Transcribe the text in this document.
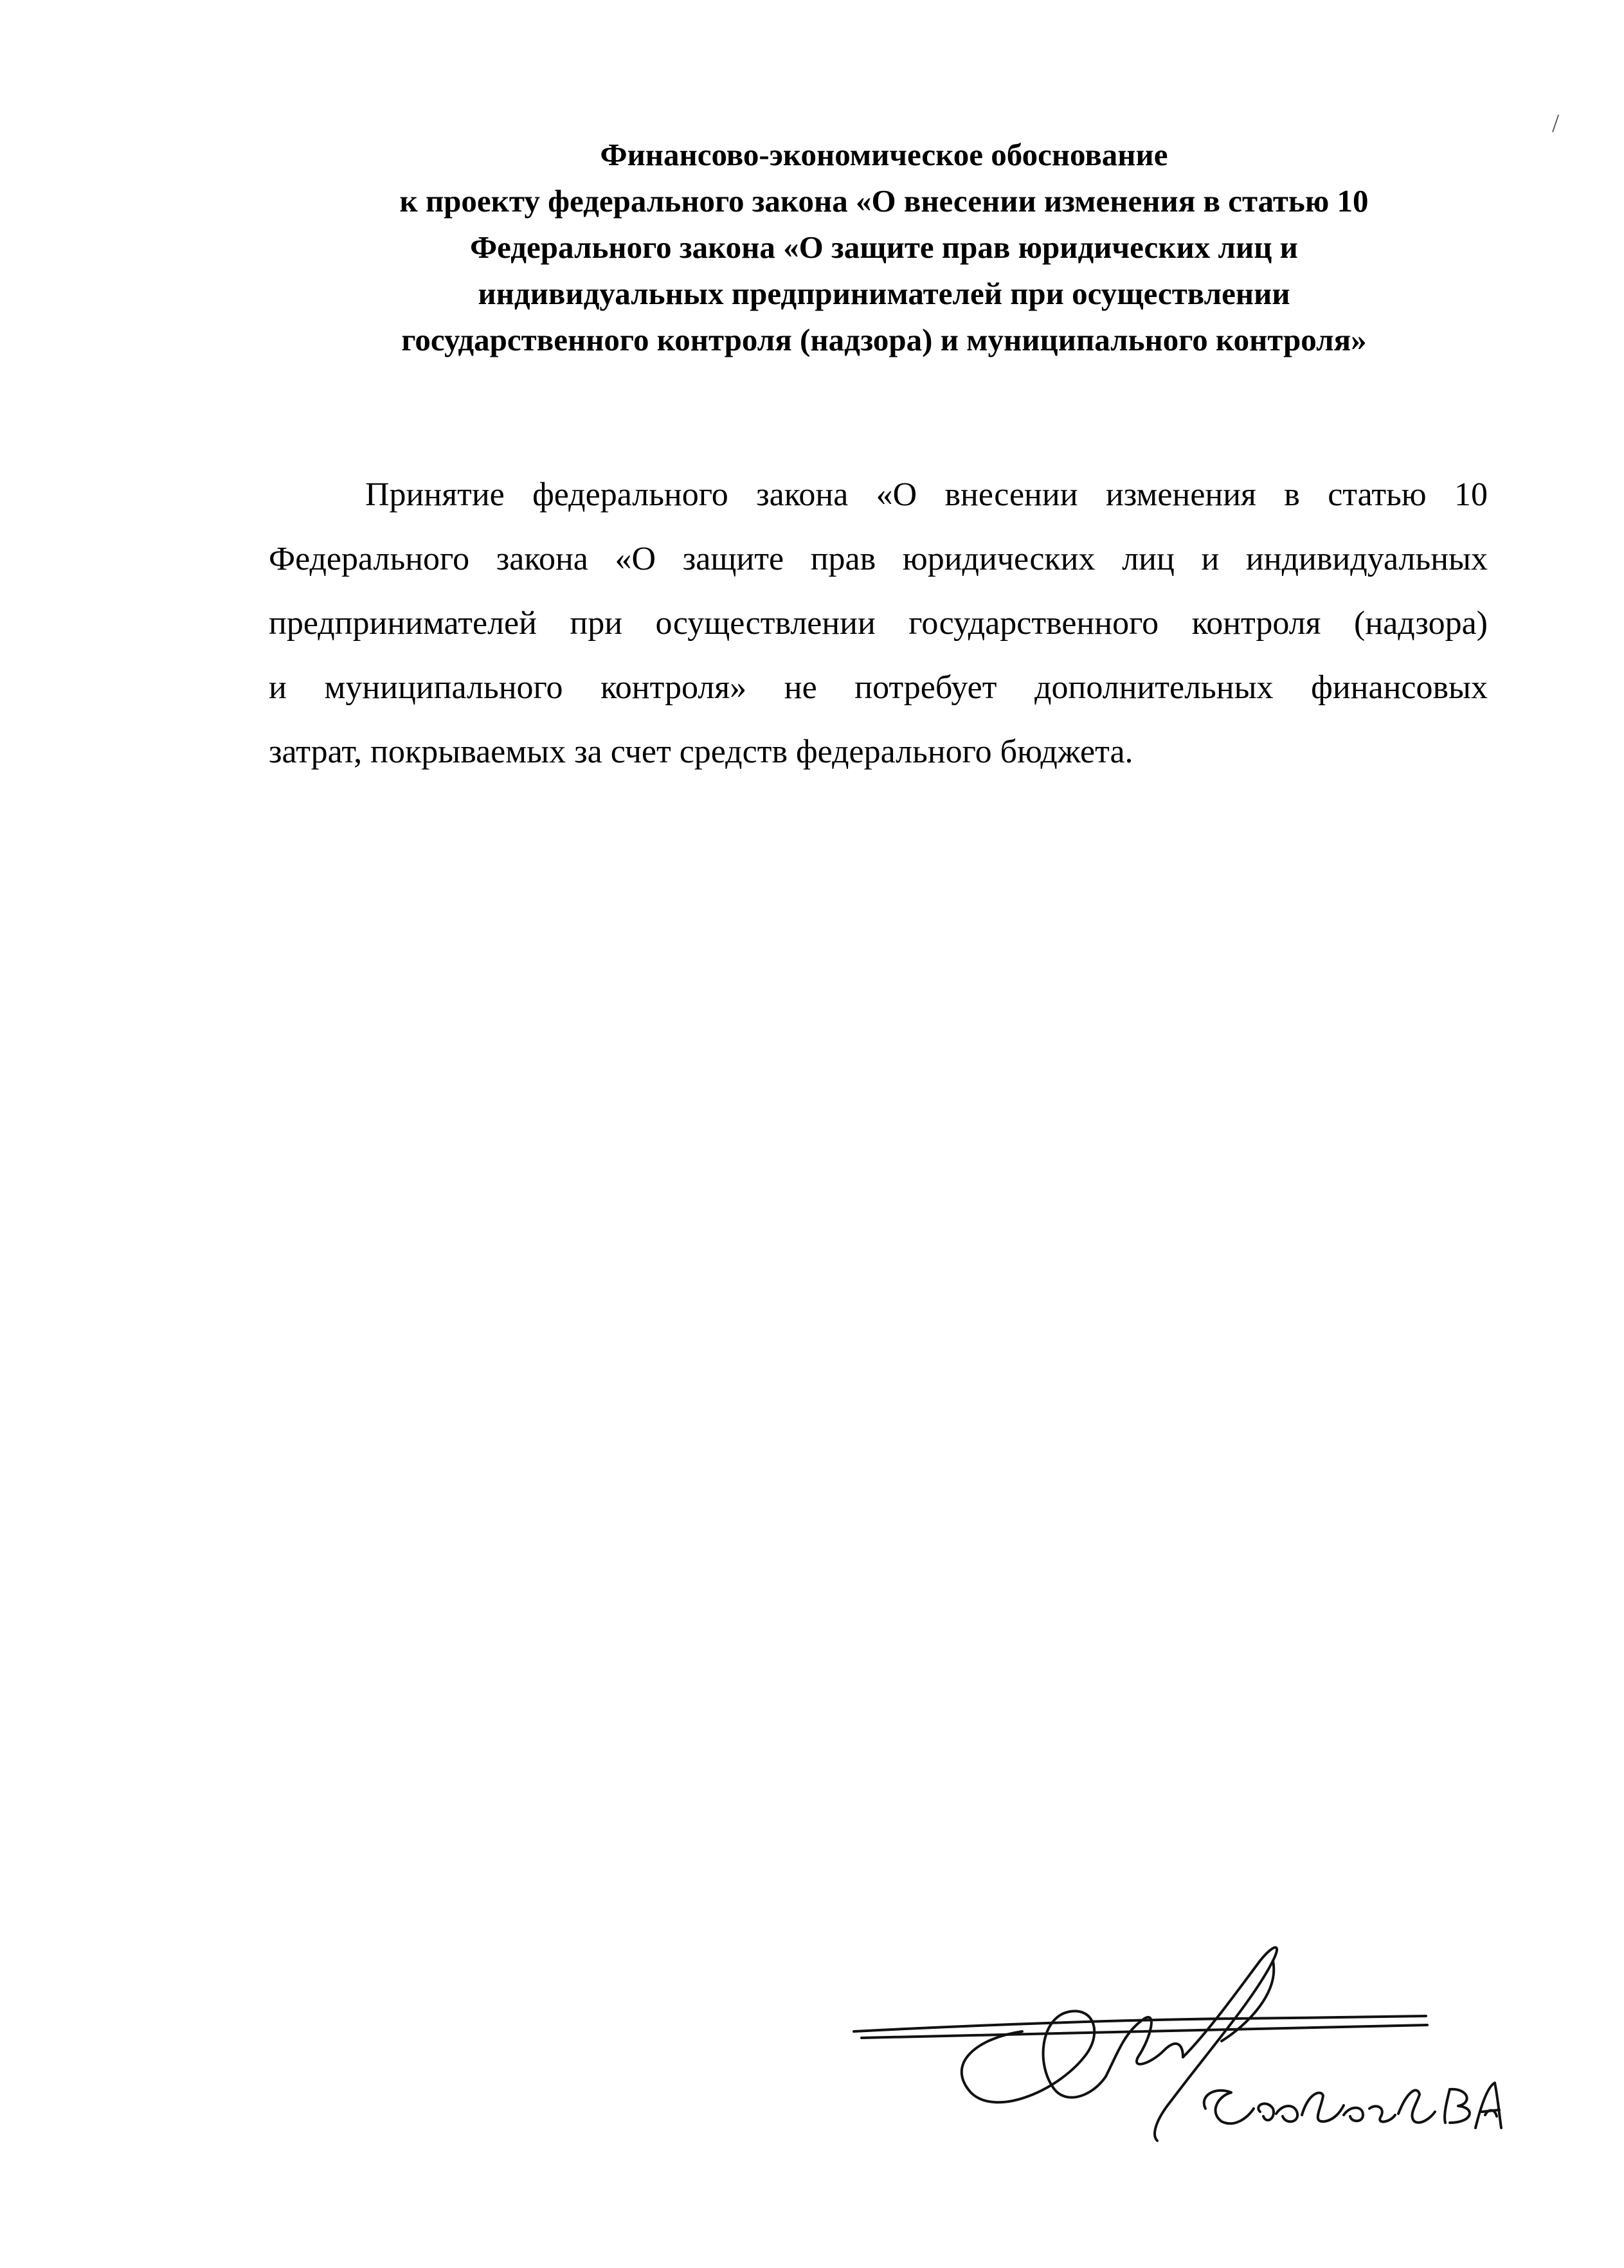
/
Финансово-экономическое обоснование
к проекту федерального закона «О внесении изменения в статью 10
Федерального закона «О защите прав юридических лиц и
индивидуальных предпринимателей при осуществлении
государственного контроля (надзора) и муниципального контроля»
Принятие федерального закона «О внесении изменения в статью 10
Федерального закона «О защите прав юридических лиц и индивидуальных
предпринимателей при осуществлении государственного контроля (надзора)
и муниципального контроля» не потребует дополнительных финансовых
затрат, покрываемых за счет средств федерального бюджета.
